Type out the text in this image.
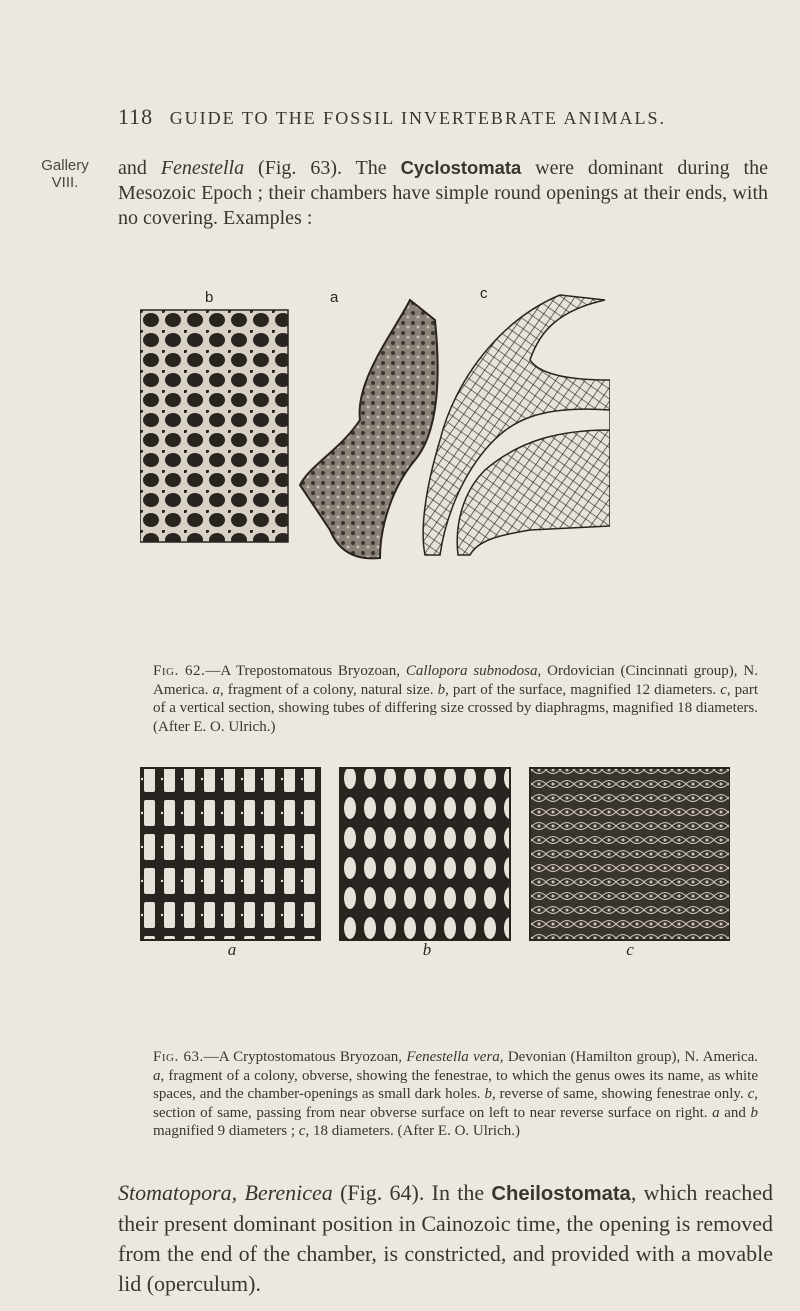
118 GUIDE TO THE FOSSIL INVERTEBRATE ANIMALS.
Gallery
VIII.

and Fenestella (Fig. 63). The Cyclostomata were dominant during the Mesozoic Epoch ; their chambers have simple round openings at their ends, with no covering. Examples :

b	a	c

Fig. 62.—A Trepostomatous Bryozoan, Callopora subnodosa, Ordovician (Cincinnati group), N. America. a, fragment of a colony, natural size. b, part of the surface, magnified 12 diameters. c, part of a vertical section, showing tubes of differing size crossed by diaphragms, magnified 18 diameters. (After E. O. Ulrich.)

a	b	c

Fig. 63.—A Cryptostomatous Bryozoan, Fenestella vera, Devonian (Hamilton group), N. America. a, fragment of a colony, obverse, showing the fenestrae, to which the genus owes its name, as white spaces, and the chamber-openings as small dark holes. b, reverse of same, showing fenestrae only. c, section of same, passing from near obverse surface on left to near reverse surface on right. a and b magnified 9 diameters ; c, 18 diameters. (After E. O. Ulrich.)

Stomatopora, Berenicea (Fig. 64). In the Cheilostomata, which reached their present dominant position in Cainozoic time, the opening is removed from the end of the chamber, is constricted, and provided with a movable lid (operculum).
